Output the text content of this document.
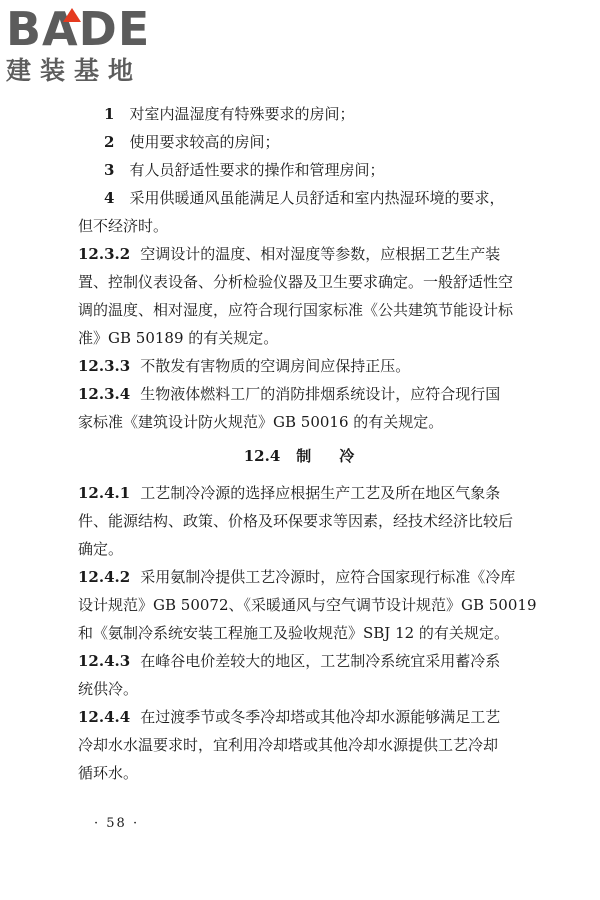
BADE
建装基地
1  对室内温湿度有特殊要求的房间；
2  使用要求较高的房间；
3  有人员舒适性要求的操作和管理房间；
4  采用供暖通风虽能满足人员舒适和室内热湿环境的要求，
但不经济时。
12.3.2 空调设计的温度、相对湿度等参数，应根据工艺生产装
置、控制仪表设备、分析检验仪器及卫生要求确定。一般舒适性空
调的温度、相对湿度，应符合现行国家标准《公共建筑节能设计标
准》GB 50189 的有关规定。
12.3.3 不散发有害物质的空调房间应保持正压。
12.3.4 生物液体燃料工厂的消防排烟系统设计，应符合现行国
家标准《建筑设计防火规范》GB 50016 的有关规定。
12.4 制冷
12.4.1 工艺制冷冷源的选择应根据生产工艺及所在地区气象条
件、能源结构、政策、价格及环保要求等因素，经技术经济比较后
确定。
12.4.2 采用氨制冷提供工艺冷源时，应符合国家现行标准《冷库
设计规范》GB 50072、《采暖通风与空气调节设计规范》GB 50019
和《氨制冷系统安装工程施工及验收规范》SBJ 12 的有关规定。
12.4.3 在峰谷电价差较大的地区，工艺制冷系统宜采用蓄冷系
统供冷。
12.4.4 在过渡季节或冬季冷却塔或其他冷却水源能够满足工艺
冷却水水温要求时，宜利用冷却塔或其他冷却水源提供工艺冷却
循环水。
· 58 ·
